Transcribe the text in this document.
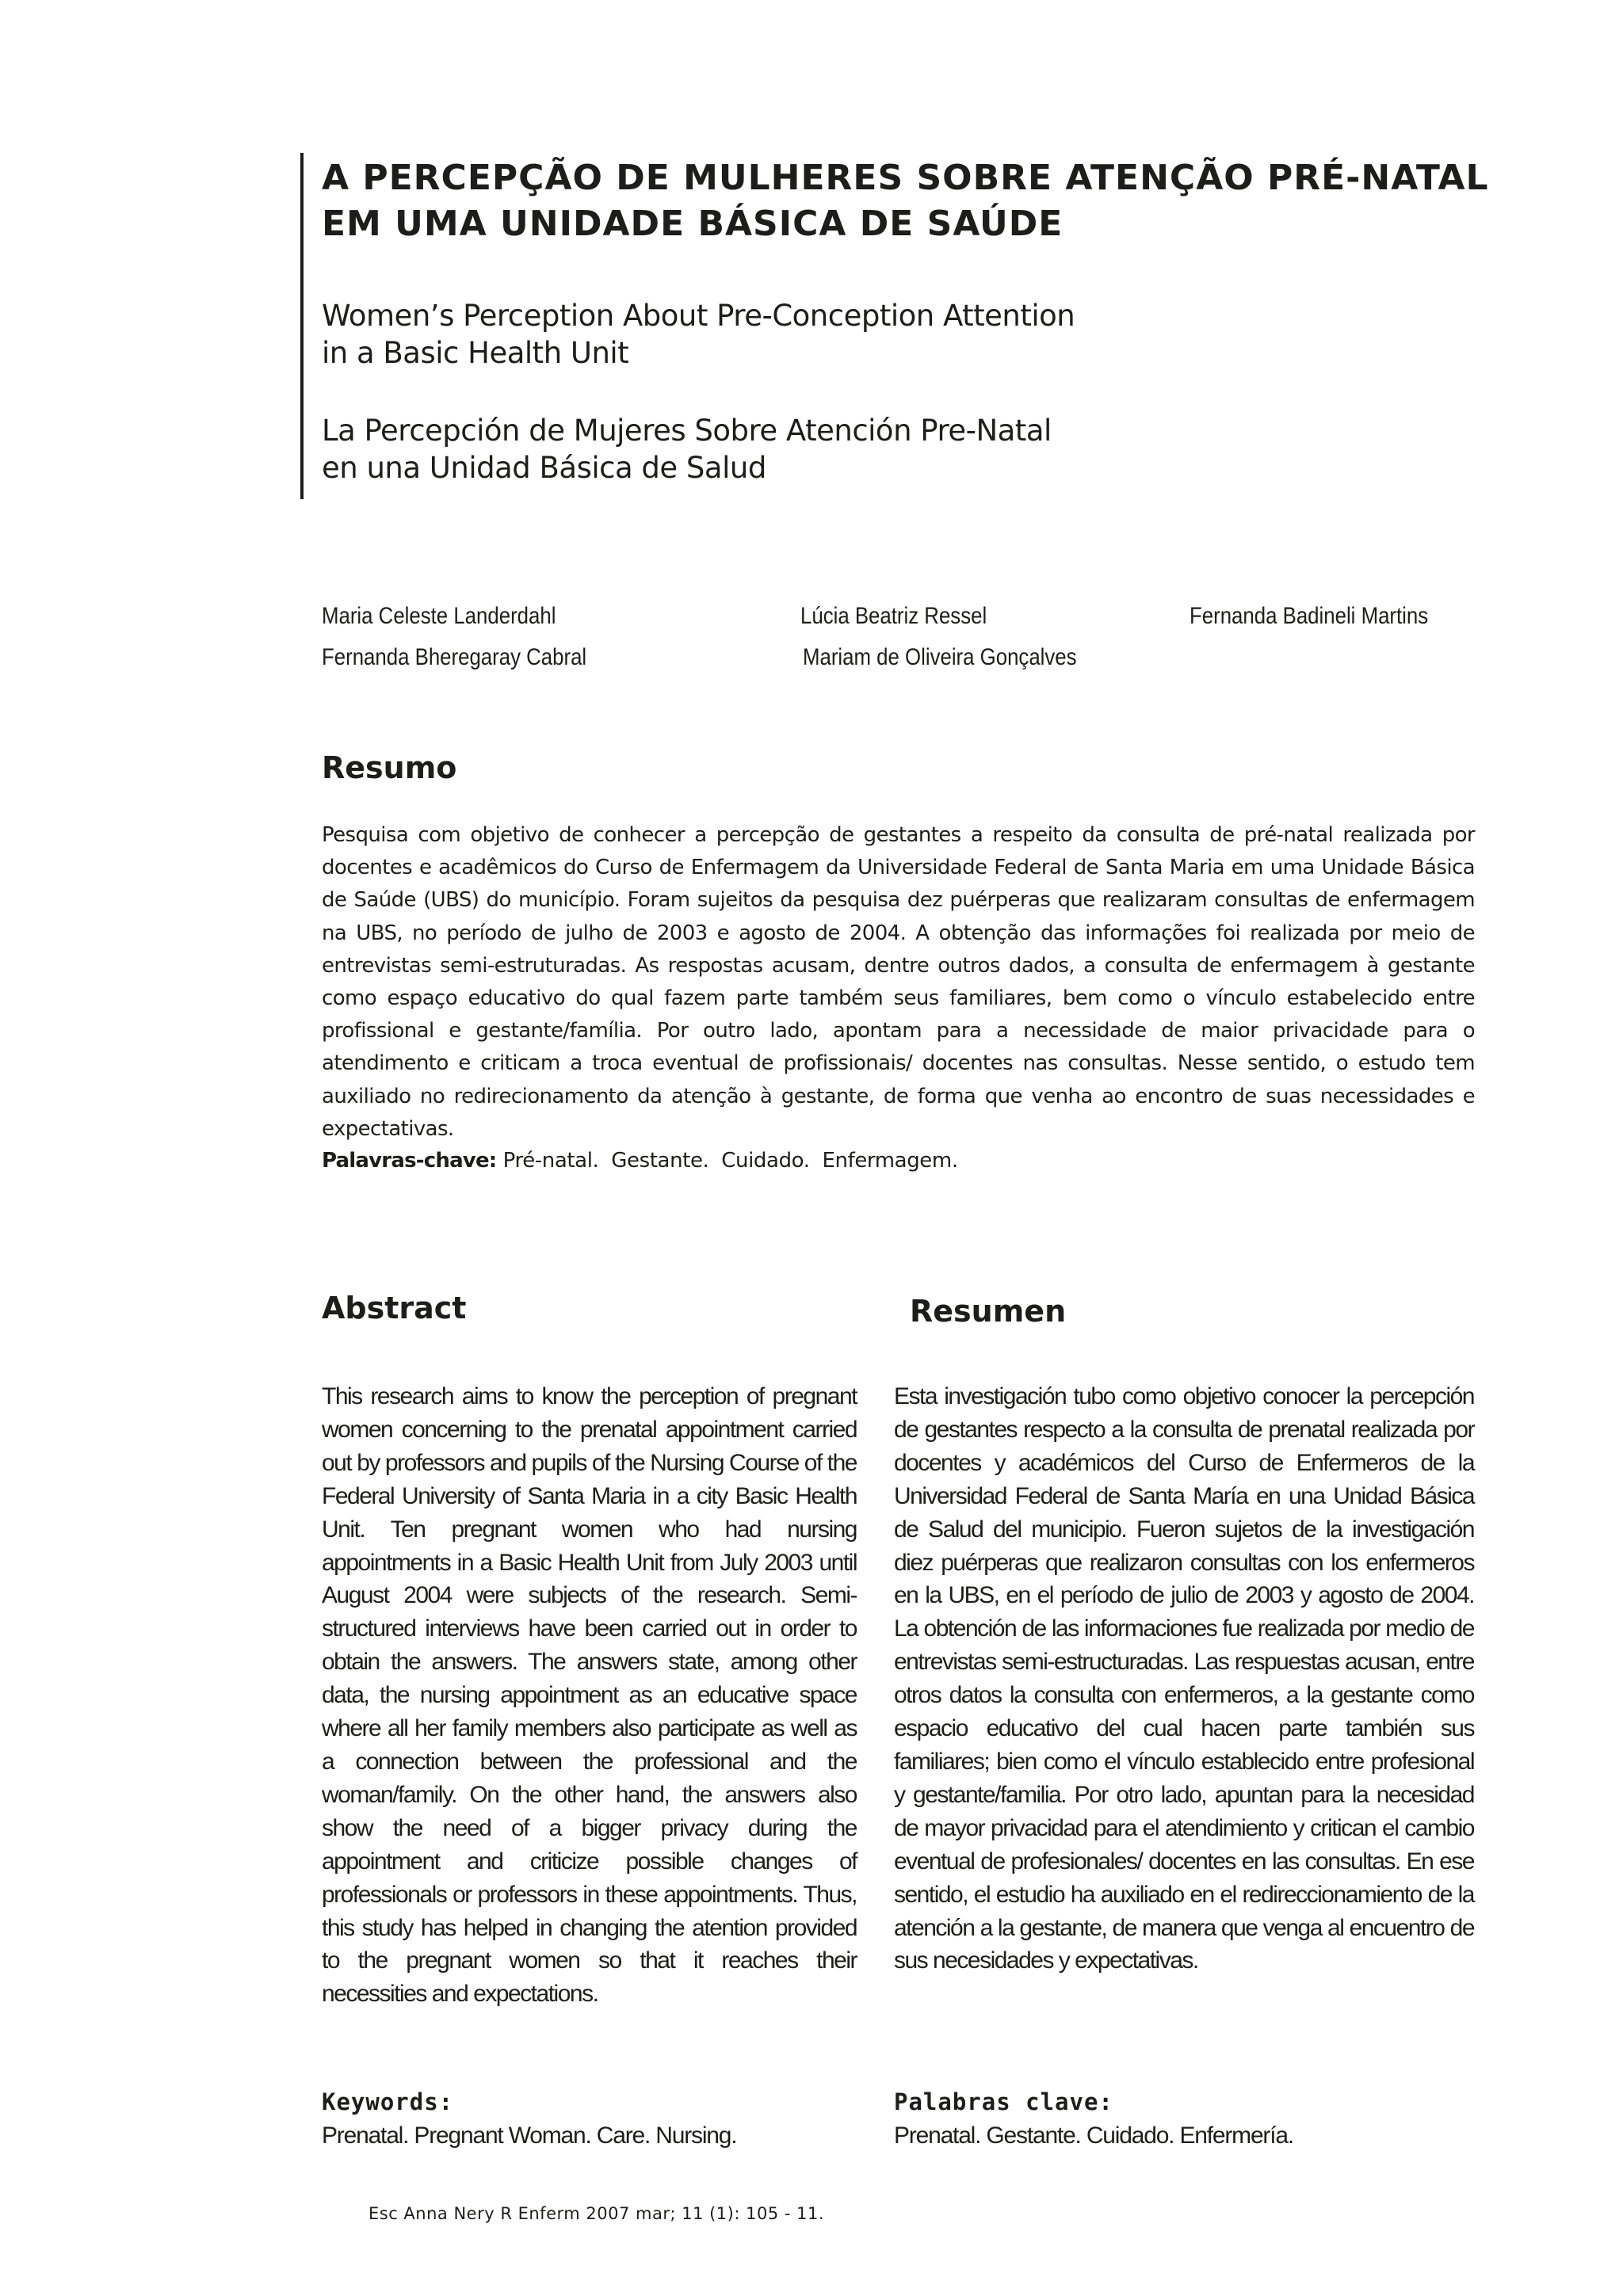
A PERCEPÇÃO DE MULHERES SOBRE ATENÇÃO PRÉ-NATAL
EM UMA UNIDADE BÁSICA DE SAÚDE
Women’s Perception About Pre-Conception Attention
in a Basic Health Unit
La Percepción de Mujeres Sobre Atención Pre-Natal
en una Unidad Básica de Salud
Maria Celeste Landerdahl	Lúcia Beatriz Ressel	Fernanda Badineli Martins
Fernanda Bheregaray Cabral	Mariam de Oliveira Gonçalves
Resumo

Pesquisa com objetivo de conhecer a percepção de gestantes a respeito da consulta de pré-natal realizada por docentes e acadêmicos do Curso de Enfermagem da Universidade Federal de Santa Maria em uma Unidade Básica de Saúde (UBS) do município. Foram sujeitos da pesquisa dez puérperas que realizaram consultas de enfermagem na UBS, no período de julho de 2003 e agosto de 2004. A obtenção das informações foi realizada por meio de entrevistas semi-estruturadas. As respostas acusam, dentre outros dados, a consulta de enfermagem à gestante como espaço educativo do qual fazem parte também seus familiares, bem como o vínculo estabelecido entre profissional e gestante/família. Por outro lado, apontam para a necessidade de maior privacidade para o atendimento e criticam a troca eventual de profissionais/ docentes nas consultas. Nesse sentido, o estudo tem auxiliado no redirecionamento da atenção à gestante, de forma que venha ao encontro de suas necessidades e expectativas.

Palavras-chave: Pré-natal. Gestante. Cuidado. Enfermagem.
Abstract	Resumen

This research aims to know the perception of pregnant women concerning to the prenatal appointment carried out by professors and pupils of the Nursing Course of the Federal University of Santa Maria in a city Basic Health Unit. Ten pregnant women who had nursing appointments in a Basic Health Unit from July 2003 until August 2004 were subjects of the research. Semi-structured interviews have been carried out in order to obtain the answers. The answers state, among other data, the nursing appointment as an educative space where all her family members also participate as well as a connection between the professional and the woman/family. On the other hand, the answers also show the need of a bigger privacy during the appointment and criticize possible changes of professionals or professors in these appointments. Thus, this study has helped in changing the atention provided to the pregnant women so that it reaches their necessities and expectations.

Esta investigación tubo como objetivo conocer la percepción de gestantes respecto a la consulta de prenatal realizada por docentes y académicos del Curso de Enfermeros de la Universidad Federal de Santa María en una Unidad Básica de Salud del municipio. Fueron sujetos de la investigación diez puérperas que realizaron consultas con los enfermeros en la UBS, en el período de julio de 2003 y agosto de 2004. La obtención de las informaciones fue realizada por medio de entrevistas semi-estructuradas. Las respuestas acusan, entre otros datos la consulta con enfermeros, a la gestante como espacio educativo del cual hacen parte también sus familiares; bien como el vínculo establecido entre profesional y gestante/familia. Por otro lado, apuntan para la necesidad de mayor privacidad para el atendimiento y critican el cambio eventual de profesionales/ docentes en las consultas. En ese sentido, el estudio ha auxiliado en el redireccionamiento de la atención a la gestante, de manera que venga al encuentro de sus necesidades y expectativas.

Keywords:

Prenatal. Pregnant Woman. Care. Nursing.

Palabras clave:

Prenatal. Gestante. Cuidado. Enfermería.

Esc Anna Nery R Enferm 2007 mar; 11 (1): 105 - 11.
